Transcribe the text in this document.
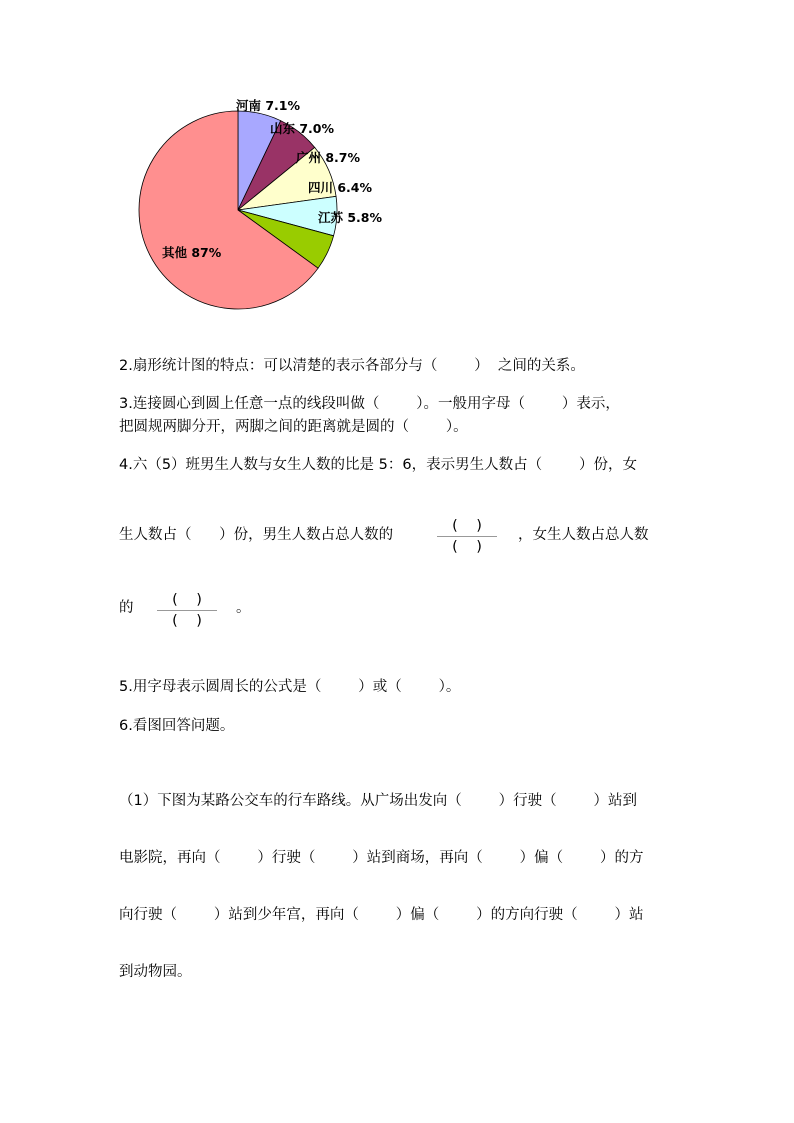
河南 7.1%
山东 7.0%
广州 8.7%
四川 6.4%
江苏 5.8%
其他 87%
2.扇形统计图的特点：可以清楚的表示各部分与（        ）  之间的关系。
3.连接圆心到圆上任意一点的线段叫做（        ）。一般用字母（        ）表示，
把圆规两脚分开，两脚之间的距离就是圆的（        ）。
4.六（5）班男生人数与女生人数的比是 5：6，表示男生人数占（        ）份，女
生人数占（      ）份，男生人数占总人数的
(    )
(    )
，女生人数占总人数
的	(    )
(    )
。
5.用字母表示圆周长的公式是（        ）或（        ）。
6.看图回答问题。
（1）下图为某路公交车的行车路线。从广场出发向（        ）行驶（        ）站到
电影院，再向（        ）行驶（        ）站到商场，再向（        ）偏（        ）的方
向行驶（        ）站到少年宫，再向（        ）偏（        ）的方向行驶（        ）站
到动物园。
